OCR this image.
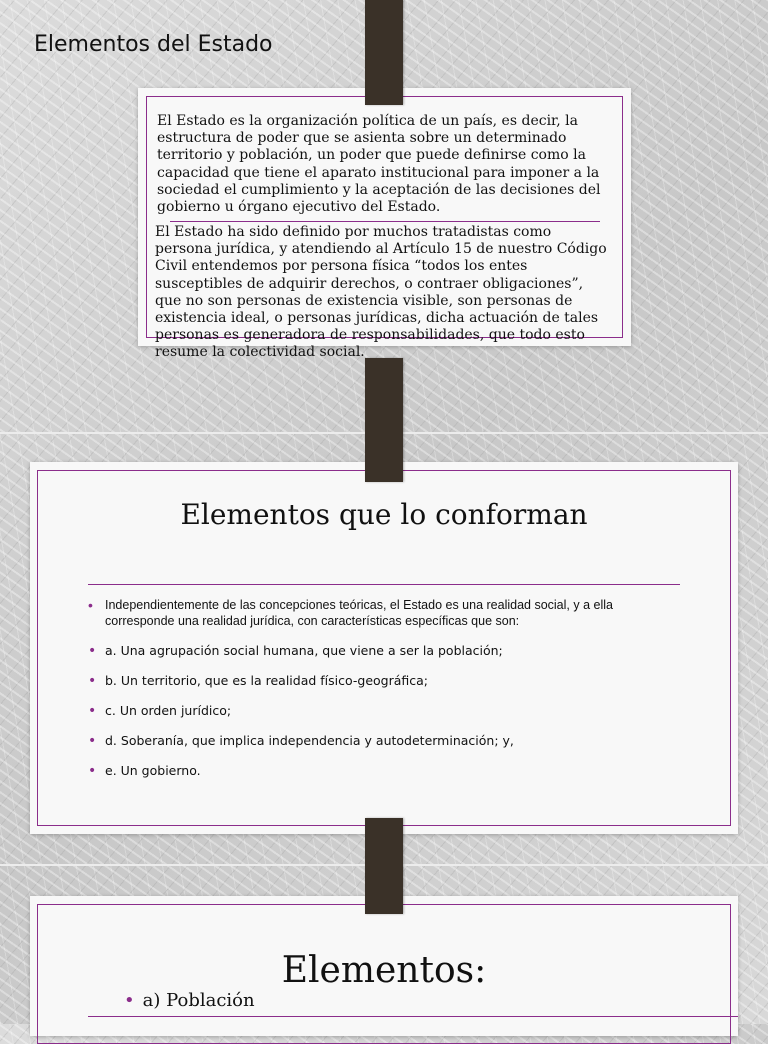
Elementos del Estado
El Estado es la organización política de un país, es decir, la estructura de poder que se asienta sobre un determinado territorio y población, un poder que puede definirse como la capacidad que tiene el aparato institucional para imponer a la sociedad el cumplimiento y la aceptación de las decisiones del gobierno u órgano ejecutivo del Estado.
El Estado ha sido definido por muchos tratadistas como persona jurídica, y atendiendo al Artículo 15 de nuestro Código Civil entendemos por persona física “todos los entes susceptibles de adquirir derechos, o contraer obligaciones”, que no son personas de existencia visible, son personas de existencia ideal, o personas jurídicas, dicha actuación de tales personas es generadora de responsabilidades, que todo esto resume la colectividad social.
Elementos que lo conforman
• Independientemente de las concepciones teóricas, el Estado es una realidad social, y a ella corresponde una realidad jurídica, con características específicas que son:
• a. Una agrupación social humana, que viene a ser la población;
• b. Un territorio, que es la realidad físico-geográfica;
• c. Un orden jurídico;
• d. Soberanía, que implica independencia y autodeterminación; y,
• e. Un gobierno.
Elementos:
• a) Población
